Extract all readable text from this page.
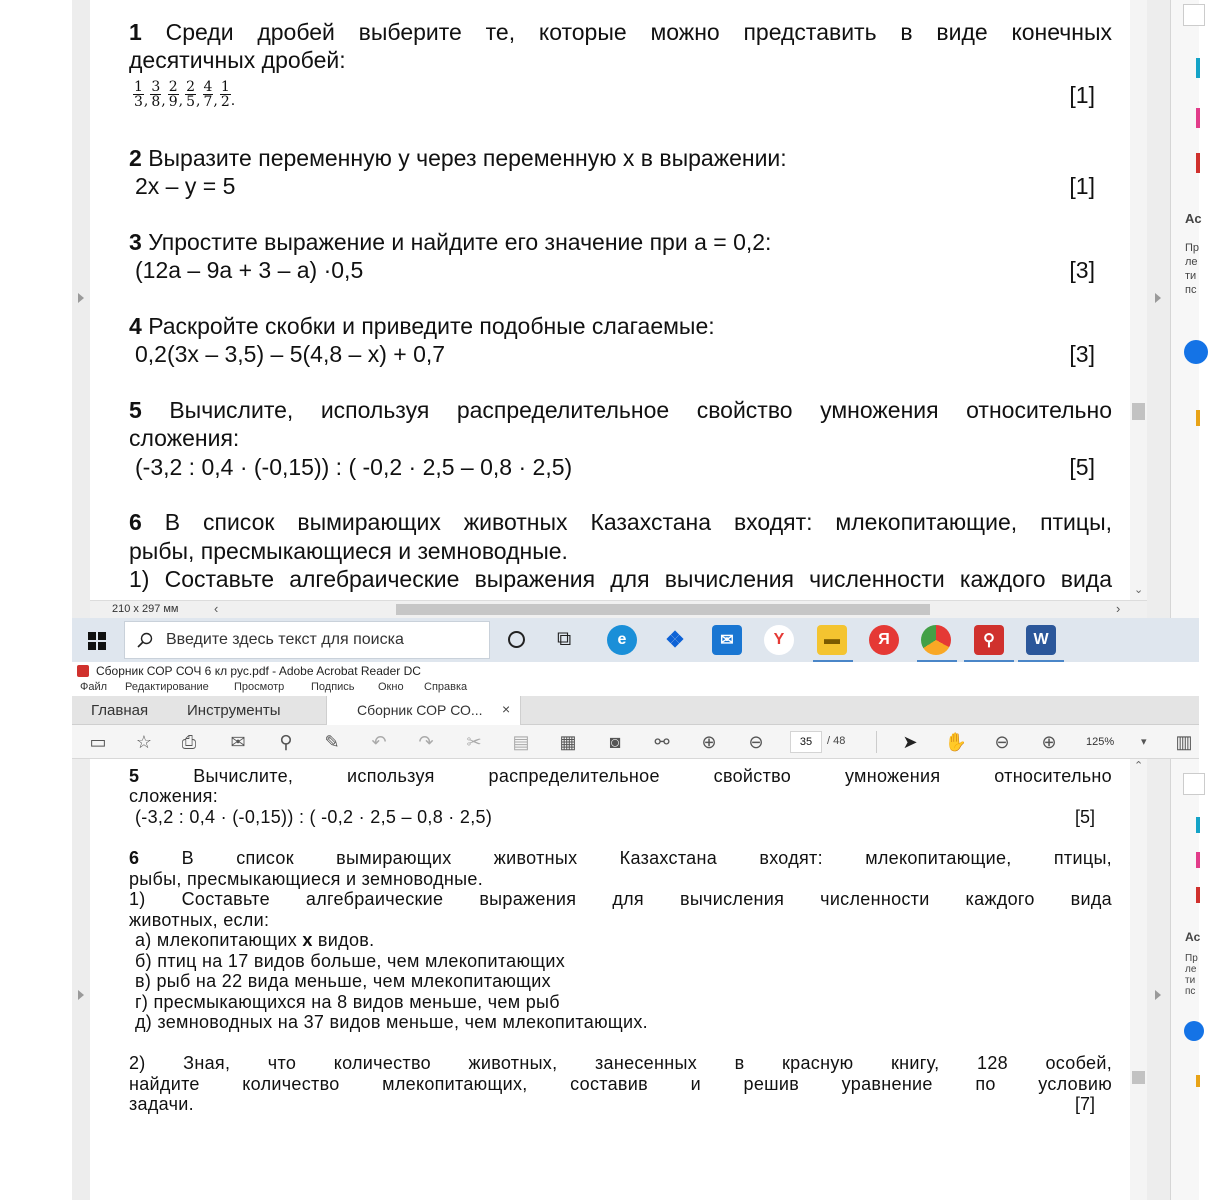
1 Среди дробей выберите те, которые можно представить в виде конечных

десятичных дробей:

$\frac{1}{3}$ , $\frac{3}{8}$ , $\frac{2}{9}$ , $\frac{2}{5}$ , $\frac{4}{7}$ , $\frac{1}{2}$ .	[1]

2 Выразите переменную у через переменную х в выражении:

2х – у = 5	[1]

3 Упростите выражение и найдите его значение при а = 0,2:

(12а – 9а + 3 – а) ·0,5	[3]

4 Раскройте скобки и приведите подобные слагаемые:

0,2(3х – 3,5) – 5(4,8 – х) + 0,7	[3]

5 Вычислите, используя распределительное свойство умножения относительно

сложения:

(-3,2 : 0,4 · (-0,15)) : ( -0,2 · 2,5 – 0,8 · 2,5)	[5]

6 В список вымирающих животных Казахстана входят: млекопитающие, птицы,

рыбы, пресмыкающиеся и земноводные.

1) Составьте алгебраические выражения для вычисления численности каждого вида ⌄
Ac
Пр
ле
ти
пс
210 x 297 мм	‹	›
Введите здесь текст для поиска	⧉	e	❖	✉	Y	▬	Я	⚲	W
Сборник СОР СОЧ 6 кл рус.pdf - Adobe Acrobat Reader DC
Файл Редактирование Просмотр Подпись Окно Справка
Главная	Инструменты	Сборник СОР СО... ×
▭ ☆ ⎙ ✉	⚲	✎ ↶ ↷ ✂ ▤ ▦	◙	⚯ ⊕ ⊖	35	/ 48	➤ ✋ ⊖ ⊕	125% ▾ ▥

5	Вычислите, используя распределительное свойство умножения относительно

сложения:

(-3,2 : 0,4 · (-0,15)) : ( -0,2 · 2,5 – 0,8 · 2,5)	[5]

6 В список вымирающих животных Казахстана входят: млекопитающие, птицы,

рыбы, пресмыкающиеся и земноводные.

1) Составьте алгебраические выражения для вычисления численности каждого вида

животных, если:

а) млекопитающих х видов.

б) птиц на 17 видов больше, чем млекопитающих

в) рыб на 22 вида меньше, чем млекопитающих

г) пресмыкающихся на 8 видов меньше, чем рыб

д) земноводных на 37 видов меньше, чем млекопитающих.

2) Зная, что количество животных, занесенных в красную книгу, 128 особей,

найдите количество млекопитающих, составив и решив уравнение по условию

задачи.	[7]
⌃
Ac
Пр
ле
ти
пс
